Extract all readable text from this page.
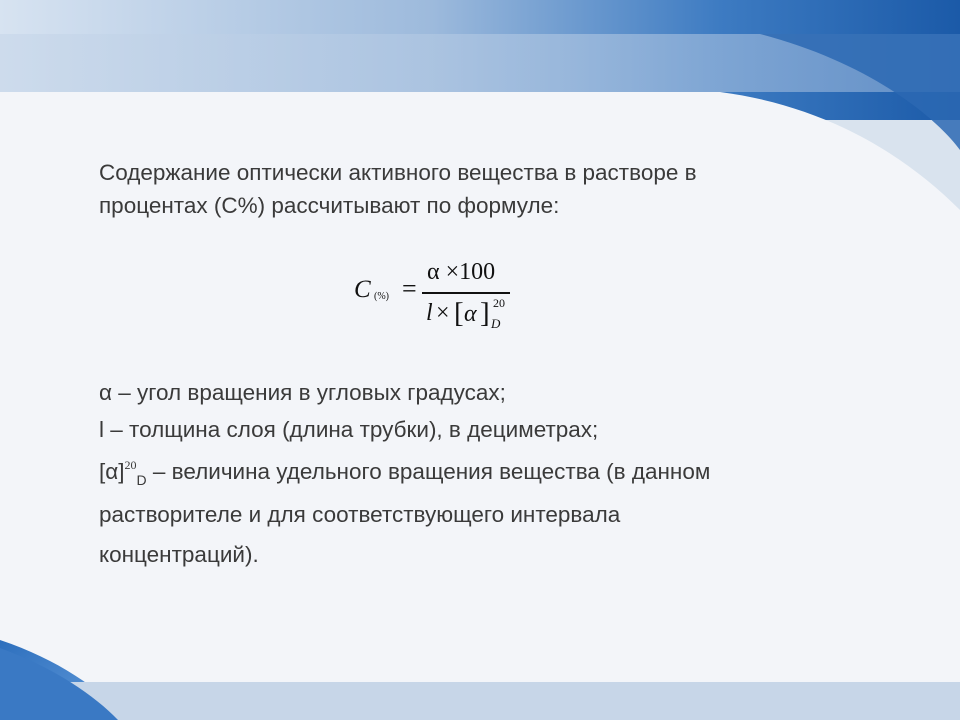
Содержание оптически активного вещества в растворе в
процентах (С%) рассчитывают по формуле:

C (%) =
α ×100
l × [ α ] 20
D

α – угол вращения в угловых градусах;

l – толщина слоя (длина трубки), в дециметрах;

$[\alpha]^{20}_D$ – величина удельного вращения вещества (в данном
растворителе и для соответствующего интервала
концентраций).
